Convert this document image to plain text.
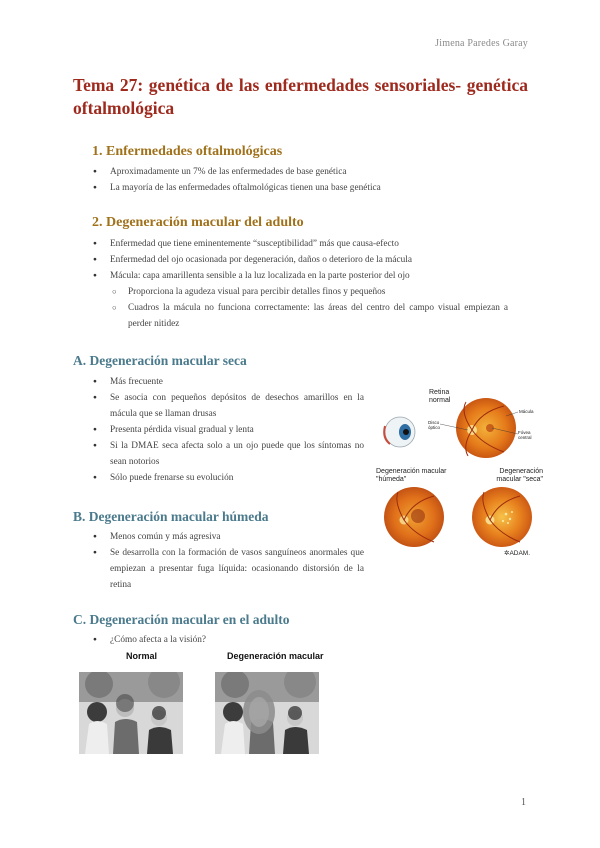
Jimena Paredes Garay
Tema 27: genética de las enfermedades sensoriales- genética
oftalmológica
1. Enfermedades oftalmológicas
● Aproximadamente un 7% de las enfermedades de base genética
● La mayoría de las enfermedades oftalmológicas tienen una base genética
2. Degeneración macular del adulto
● Enfermedad que tiene eminentemente “susceptibilidad” más que causa-efecto
● Enfermedad del ojo ocasionada por degeneración, daños o deterioro de la mácula
● Mácula: capa amarillenta sensible a la luz localizada en la parte posterior del ojo
○ Proporciona la agudeza visual para percibir detalles finos y pequeños
○ Cuadros la mácula no funciona correctamente: las áreas del centro del campo visual empiezan a perder nitidez
A. Degeneración macular seca
● Más frecuente
● Se asocia con pequeños depósitos de desechos amarillos en la mácula que se llaman drusas
● Presenta pérdida visual gradual y lenta
● Si la DMAE seca afecta solo a un ojo puede que los síntomas no sean notorios
● Sólo puede frenarse su evolución
B. Degeneración macular húmeda
● Menos común y más agresiva
● Se desarrolla con la formación de vasos sanguíneos anormales que empiezan a presentar fuga líquida: ocasionando distorsión de la retina
C. Degeneración macular en el adulto
● ¿Cómo afecta a la visión?
Retina normal
Mácula
Disco óptico
Fóvea central
Degeneración macular "húmeda"
Degeneración macular "seca"
✲ADAM.
Normal	Degeneración macular
1
